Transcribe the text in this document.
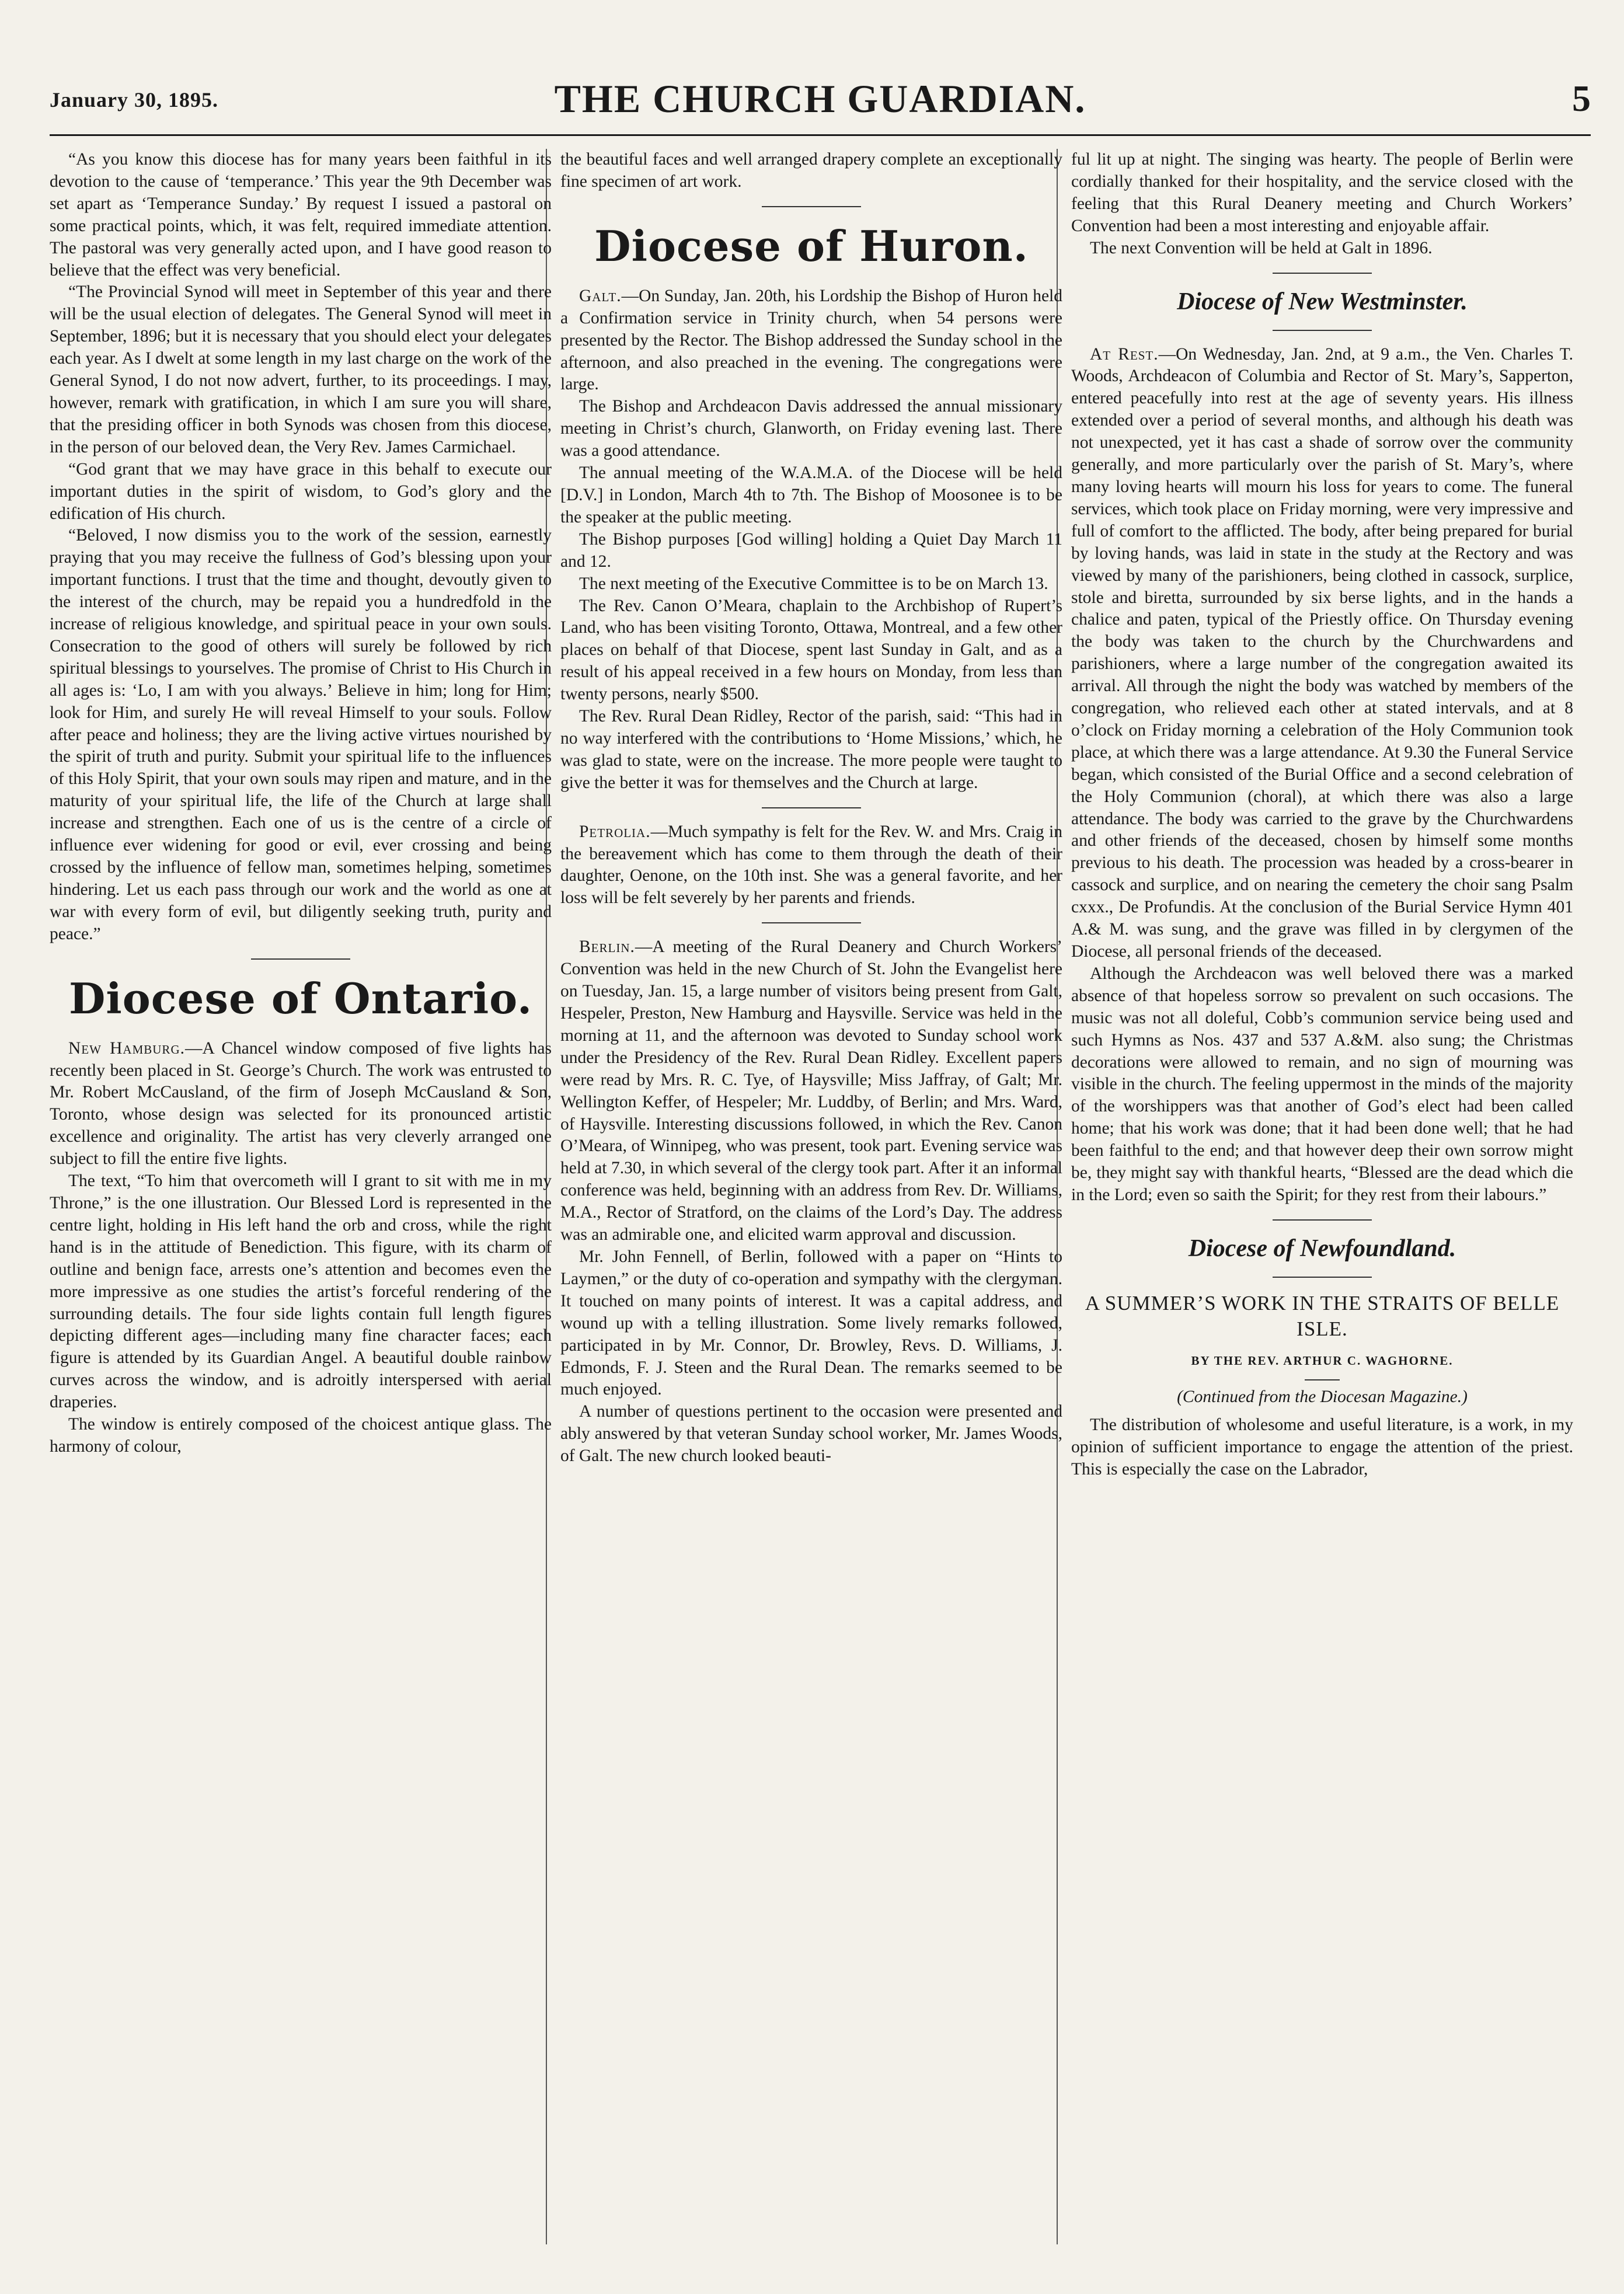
January 30, 1895.	THE CHURCH GUARDIAN.	5

“As you know this diocese has for many years been faithful in its devotion to the cause of ‘temperance.’ This year the 9th December was set apart as ‘Temperance Sunday.’ By request I issued a pastoral on some practical points, which, it was felt, required immediate attention. The pastoral was very generally acted upon, and I have good reason to believe that the effect was very beneficial.

“The Provincial Synod will meet in September of this year and there will be the usual election of delegates. The General Synod will meet in September, 1896; but it is necessary that you should elect your delegates each year. As I dwelt at some length in my last charge on the work of the General Synod, I do not now advert, further, to its proceedings. I may, however, remark with gratification, in which I am sure you will share, that the presiding officer in both Synods was chosen from this diocese, in the person of our beloved dean, the Very Rev. James Carmichael.

“God grant that we may have grace in this behalf to execute our important duties in the spirit of wisdom, to God’s glory and the edification of His church.

“Beloved, I now dismiss you to the work of the session, earnestly praying that you may receive the fullness of God’s blessing upon your important functions. I trust that the time and thought, devoutly given to the interest of the church, may be repaid you a hundredfold in the increase of religious knowledge, and spiritual peace in your own souls. Consecration to the good of others will surely be followed by rich spiritual blessings to yourselves. The promise of Christ to His Church in all ages is: ‘Lo, I am with you always.’ Believe in him; long for Him; look for Him, and surely He will reveal Himself to your souls. Follow after peace and holiness; they are the living active virtues nourished by the spirit of truth and purity. Submit your spiritual life to the influences of this Holy Spirit, that your own souls may ripen and mature, and in the maturity of your spiritual life, the life of the Church at large shall increase and strengthen. Each one of us is the centre of a circle of influence ever widening for good or evil, ever crossing and being crossed by the influence of fellow man, sometimes helping, sometimes hindering. Let us each pass through our work and the world as one at war with every form of evil, but diligently seeking truth, purity and peace.”

Diocese of Ontario.

New Hamburg.—A Chancel window composed of five lights has recently been placed in St. George’s Church. The work was entrusted to Mr. Robert McCausland, of the firm of Joseph McCausland & Son, Toronto, whose design was selected for its pronounced artistic excellence and originality. The artist has very cleverly arranged one subject to fill the entire five lights.

The text, “To him that overcometh will I grant to sit with me in my Throne,” is the one illustration. Our Blessed Lord is represented in the centre light, holding in His left hand the orb and cross, while the right hand is in the attitude of Benediction. This figure, with its charm of outline and benign face, arrests one’s attention and becomes even the more impressive as one studies the artist’s forceful rendering of the surrounding details. The four side lights contain full length figures depicting different ages—including many fine character faces; each figure is attended by its Guardian Angel. A beautiful double rainbow curves across the window, and is adroitly interspersed with aerial draperies.

The window is entirely composed of the choicest antique glass. The harmony of colour,

the beautiful faces and well arranged drapery complete an exceptionally fine specimen of art work.

Diocese of Huron.

Galt.—On Sunday, Jan. 20th, his Lordship the Bishop of Huron held a Confirmation service in Trinity church, when 54 persons were presented by the Rector. The Bishop addressed the Sunday school in the afternoon, and also preached in the evening. The congregations were large.

The Bishop and Archdeacon Davis addressed the annual missionary meeting in Christ’s church, Glanworth, on Friday evening last. There was a good attendance.

The annual meeting of the W.A.M.A. of the Diocese will be held [D.V.] in London, March 4th to 7th. The Bishop of Moosonee is to be the speaker at the public meeting.

The Bishop purposes [God willing] holding a Quiet Day March 11 and 12.

The next meeting of the Executive Committee is to be on March 13.

The Rev. Canon O’Meara, chaplain to the Archbishop of Rupert’s Land, who has been visiting Toronto, Ottawa, Montreal, and a few other places on behalf of that Diocese, spent last Sunday in Galt, and as a result of his appeal received in a few hours on Monday, from less than twenty persons, nearly $500.

The Rev. Rural Dean Ridley, Rector of the parish, said: “This had in no way interfered with the contributions to ‘Home Missions,’ which, he was glad to state, were on the increase. The more people were taught to give the better it was for themselves and the Church at large.

Petrolia.—Much sympathy is felt for the Rev. W. and Mrs. Craig in the bereavement which has come to them through the death of their daughter, Oenone, on the 10th inst. She was a general favorite, and her loss will be felt severely by her parents and friends.

Berlin.—A meeting of the Rural Deanery and Church Workers’ Convention was held in the new Church of St. John the Evangelist here on Tuesday, Jan. 15, a large number of visitors being present from Galt, Hespeler, Preston, New Hamburg and Haysville. Service was held in the morning at 11, and the afternoon was devoted to Sunday school work under the Presidency of the Rev. Rural Dean Ridley. Excellent papers were read by Mrs. R. C. Tye, of Haysville; Miss Jaffray, of Galt; Mr. Wellington Keffer, of Hespeler; Mr. Luddby, of Berlin; and Mrs. Ward, of Haysville. Interesting discussions followed, in which the Rev. Canon O’Meara, of Winnipeg, who was present, took part. Evening service was held at 7.30, in which several of the clergy took part. After it an informal conference was held, beginning with an address from Rev. Dr. Williams, M.A., Rector of Stratford, on the claims of the Lord’s Day. The address was an admirable one, and elicited warm approval and discussion.

Mr. John Fennell, of Berlin, followed with a paper on “Hints to Laymen,” or the duty of co-operation and sympathy with the clergyman. It touched on many points of interest. It was a capital address, and wound up with a telling illustration. Some lively remarks followed, participated in by Mr. Connor, Dr. Browley, Revs. D. Williams, J. Edmonds, F. J. Steen and the Rural Dean. The remarks seemed to be much enjoyed.

A number of questions pertinent to the occasion were presented and ably answered by that veteran Sunday school worker, Mr. James Woods, of Galt. The new church looked beauti-

ful lit up at night. The singing was hearty. The people of Berlin were cordially thanked for their hospitality, and the service closed with the feeling that this Rural Deanery meeting and Church Workers’ Convention had been a most interesting and enjoyable affair.

The next Convention will be held at Galt in 1896.

Diocese of New Westminster.

At Rest.—On Wednesday, Jan. 2nd, at 9 a.m., the Ven. Charles T. Woods, Archdeacon of Columbia and Rector of St. Mary’s, Sapperton, entered peacefully into rest at the age of seventy years. His illness extended over a period of several months, and although his death was not unexpected, yet it has cast a shade of sorrow over the community generally, and more particularly over the parish of St. Mary’s, where many loving hearts will mourn his loss for years to come. The funeral services, which took place on Friday morning, were very impressive and full of comfort to the afflicted. The body, after being prepared for burial by loving hands, was laid in state in the study at the Rectory and was viewed by many of the parishioners, being clothed in cassock, surplice, stole and biretta, surrounded by six berse lights, and in the hands a chalice and paten, typical of the Priestly office. On Thursday evening the body was taken to the church by the Churchwardens and parishioners, where a large number of the congregation awaited its arrival. All through the night the body was watched by members of the congregation, who relieved each other at stated intervals, and at 8 o’clock on Friday morning a celebration of the Holy Communion took place, at which there was a large attendance. At 9.30 the Funeral Service began, which consisted of the Burial Office and a second celebration of the Holy Communion (choral), at which there was also a large attendance. The body was carried to the grave by the Churchwardens and other friends of the deceased, chosen by himself some months previous to his death. The procession was headed by a cross-bearer in cassock and surplice, and on nearing the cemetery the choir sang Psalm cxxx., De Profundis. At the conclusion of the Burial Service Hymn 401 A.& M. was sung, and the grave was filled in by clergymen of the Diocese, all personal friends of the deceased.

Although the Archdeacon was well beloved there was a marked absence of that hopeless sorrow so prevalent on such occasions. The music was not all doleful, Cobb’s communion service being used and such Hymns as Nos. 437 and 537 A.&M. also sung; the Christmas decorations were allowed to remain, and no sign of mourning was visible in the church. The feeling uppermost in the minds of the majority of the worshippers was that another of God’s elect had been called home; that his work was done; that it had been done well; that he had been faithful to the end; and that however deep their own sorrow might be, they might say with thankful hearts, “Blessed are the dead which die in the Lord; even so saith the Spirit; for they rest from their labours.”

Diocese of Newfoundland.
A SUMMER’S WORK IN THE STRAITS OF BELLE ISLE.
BY THE REV. ARTHUR C. WAGHORNE.
(Continued from the Diocesan Magazine.)

The distribution of wholesome and useful literature, is a work, in my opinion of sufficient importance to engage the attention of the priest. This is especially the case on the Labrador,
